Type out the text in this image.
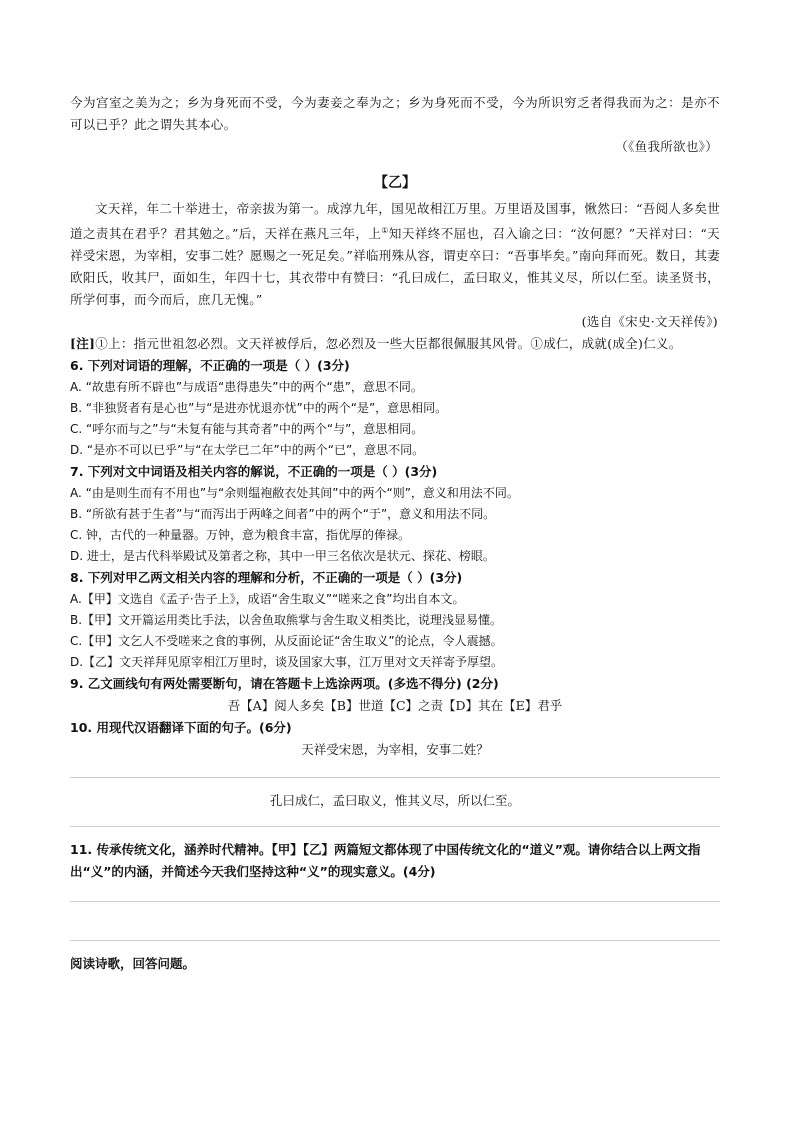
今为宫室之美为之；乡为身死而不受，今为妻妾之奉为之；乡为身死而不受，今为所识穷乏者得我而为之：是亦不可以已乎？此之谓失其本心。

（《鱼我所欲也》）

【乙】

文天祥，年二十举进士，帝亲拔为第一。成淳九年，国见故相江万里。万里语及国事，愀然曰：“吾阅人多矣世道之责其在君乎？君其勉之。”后，天祥在燕凡三年，上①知天祥终不屈也，召入谕之曰：“汝何愿？”天祥对曰：“天祥受宋恩，为宰相，安事二姓？愿赐之一死足矣。”祥临刑殊从容，谓吏卒曰：“吾事毕矣。”南向拜而死。数日，其妻欧阳氏，收其尸，面如生，年四十七，其衣带中有赞曰：“孔曰成仁，孟曰取义，惟其义尽，所以仁至。读圣贤书，所学何事，而今而后，庶几无愧。”

(选自《宋史·文天祥传》)

[注]①上：指元世祖忽必烈。文天祥被俘后，忽必烈及一些大臣都很佩服其风骨。①成仁，成就(成全)仁义。

6. 下列对词语的理解，不正确的一项是（ ）(3分)

A. “故患有所不辟也”与成语“患得患失”中的两个“患”，意思不同。

B. “非独贤者有是心也”与“是进亦忧退亦忧”中的两个“是”，意思相同。

C. “呼尔而与之”与“未复有能与其奇者”中的两个“与”，意思相同。

D. “是亦不可以已乎”与“在太学已二年”中的两个“已”，意思不同。

7. 下列对文中词语及相关内容的解说，不正确的一项是（ ）(3分)

A. “由是则生而有不用也”与“余则缊袍敝衣处其间”中的两个“则”，意义和用法不同。

B. “所欲有甚于生者”与“而泻出于两峰之间者”中的两个“于”，意义和用法不同。

C. 钟，古代的一种量器。万钟，意为粮食丰富，指优厚的俸禄。

D. 进士，是古代科举殿试及第者之称，其中一甲三名依次是状元、探花、榜眼。

8. 下列对甲乙两文相关内容的理解和分析，不正确的一项是（ ）(3分)

A.【甲】文选自《孟子·告子上》，成语“舍生取义”“嗟来之食”均出自本文。

B.【甲】文开篇运用类比手法，以舍鱼取熊掌与舍生取义相类比，说理浅显易懂。

C.【甲】文乞人不受嗟来之食的事例，从反面论证“舍生取义”的论点，令人震撼。

D.【乙】文天祥拜见原宰相江万里时，谈及国家大事，江万里对文天祥寄予厚望。

9. 乙文画线句有两处需要断句，请在答题卡上选涂两项。(多选不得分) (2分)

吾【A】阅人多矣【B】世道【C】之责【D】其在【E】君乎

10. 用现代汉语翻译下面的句子。(6分)

天祥受宋恩，为宰相，安事二姓？

孔曰成仁，孟曰取义，惟其义尽，所以仁至。

11. 传承传统文化，涵养时代精神。【甲】【乙】两篇短文都体现了中国传统文化的“道义”观。请你结合以上两文指出“义”的内涵，并简述今天我们坚持这种“义”的现实意义。(4分)

阅读诗歌，回答问题。
